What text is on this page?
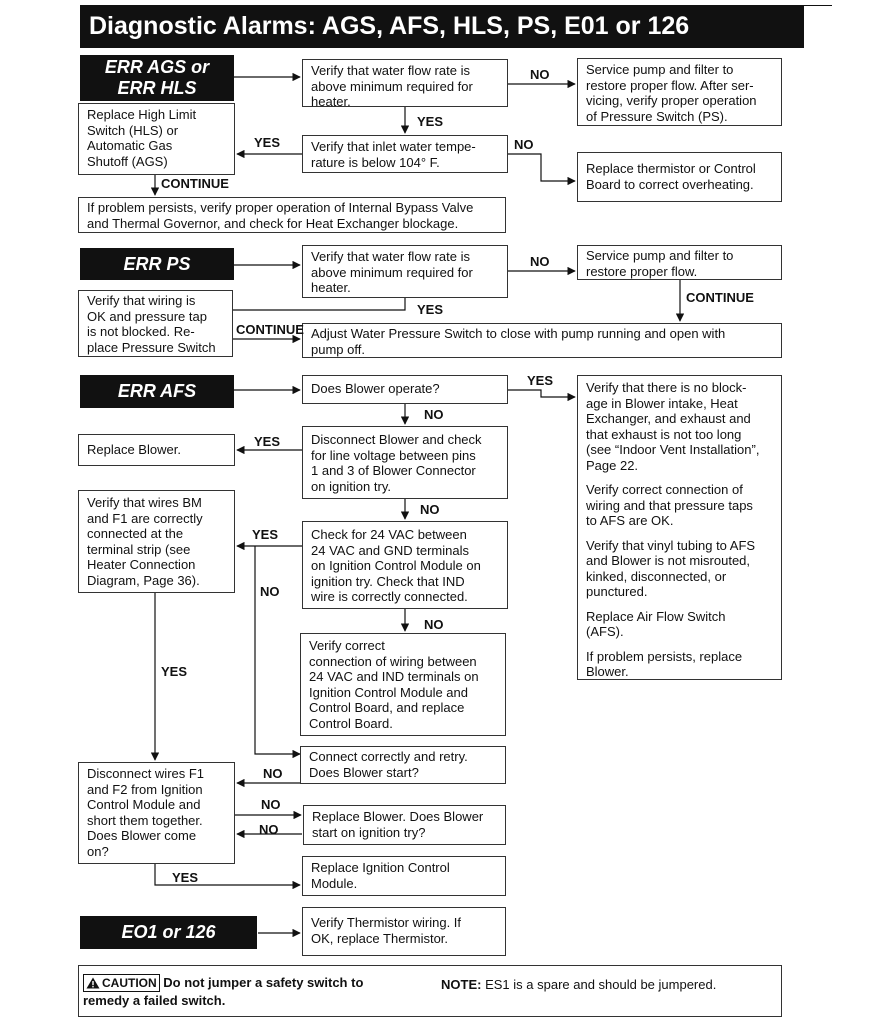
Diagnostic Alarms: AGS, AFS, HLS, PS, E01 or 126
ERR AGS or
ERR HLS
Verify that water flow rate is
above minimum required for
heater.
Service pump and filter to
restore proper flow. After ser-
vicing, verify proper operation
of Pressure Switch (PS).
Replace High Limit
Switch (HLS) or
Automatic Gas
Shutoff (AGS)
Verify that inlet water tempe-
rature is below 104° F.	Replace thermistor or Control
Board to correct overheating.
If problem persists, verify proper operation of Internal Bypass Valve
and Thermal Governor, and check for Heat Exchanger blockage.
NO
YES
YES	NO
CONTINUE
ERR PS	Verify that water flow rate is
above minimum required for
heater.
Service pump and filter to
restore proper flow.
Verify that wiring is
OK and pressure tap
is not blocked. Re-
place Pressure Switch
Adjust Water Pressure Switch to close with pump running and open with
pump off.
NO
YES
CONTINUE
CONTINUE
ERR AFS	Does Blower operate?	Verify that there is no block-
age in Blower intake, Heat
Exchanger, and exhaust and
that exhaust is not too long
(see “Indoor Vent Installation”,
Page 22.
Verify correct connection of
wiring and that pressure taps
to AFS are OK.
Verify that vinyl tubing to AFS
and Blower is not misrouted,
kinked, disconnected, or
punctured.
Replace Air Flow Switch
(AFS).
If problem persists, replace
Blower.
Replace Blower.
Disconnect Blower and check
for line voltage between pins
1 and 3 of Blower Connector
on ignition try.
Verify that wires BM
and F1 are correctly
connected at the
terminal strip (see
Heater Connection
Diagram, Page 36).
Check for 24 VAC between
24 VAC and GND terminals
on Ignition Control Module on
ignition try. Check that IND
wire is correctly connected.
Verify correct
connection of wiring between
24 VAC and IND terminals on
Ignition Control Module and
Control Board, and replace
Control Board.
Connect correctly and retry.
Does Blower start?
Disconnect wires F1
and F2 from Ignition
Control Module and
short them together.
Does Blower come
on?
Replace Blower. Does Blower
start on ignition try?
Replace Ignition Control
Module.
YES
NO
YES
NO
YES
NO
NO
YES
NO
NO
NO
YES
EO1 or 126	Verify Thermistor wiring. If
OK, replace Thermistor.
CAUTION Do not jumper a safety switch to
remedy a failed switch.
NOTE: ES1 is a spare and should be jumpered.
